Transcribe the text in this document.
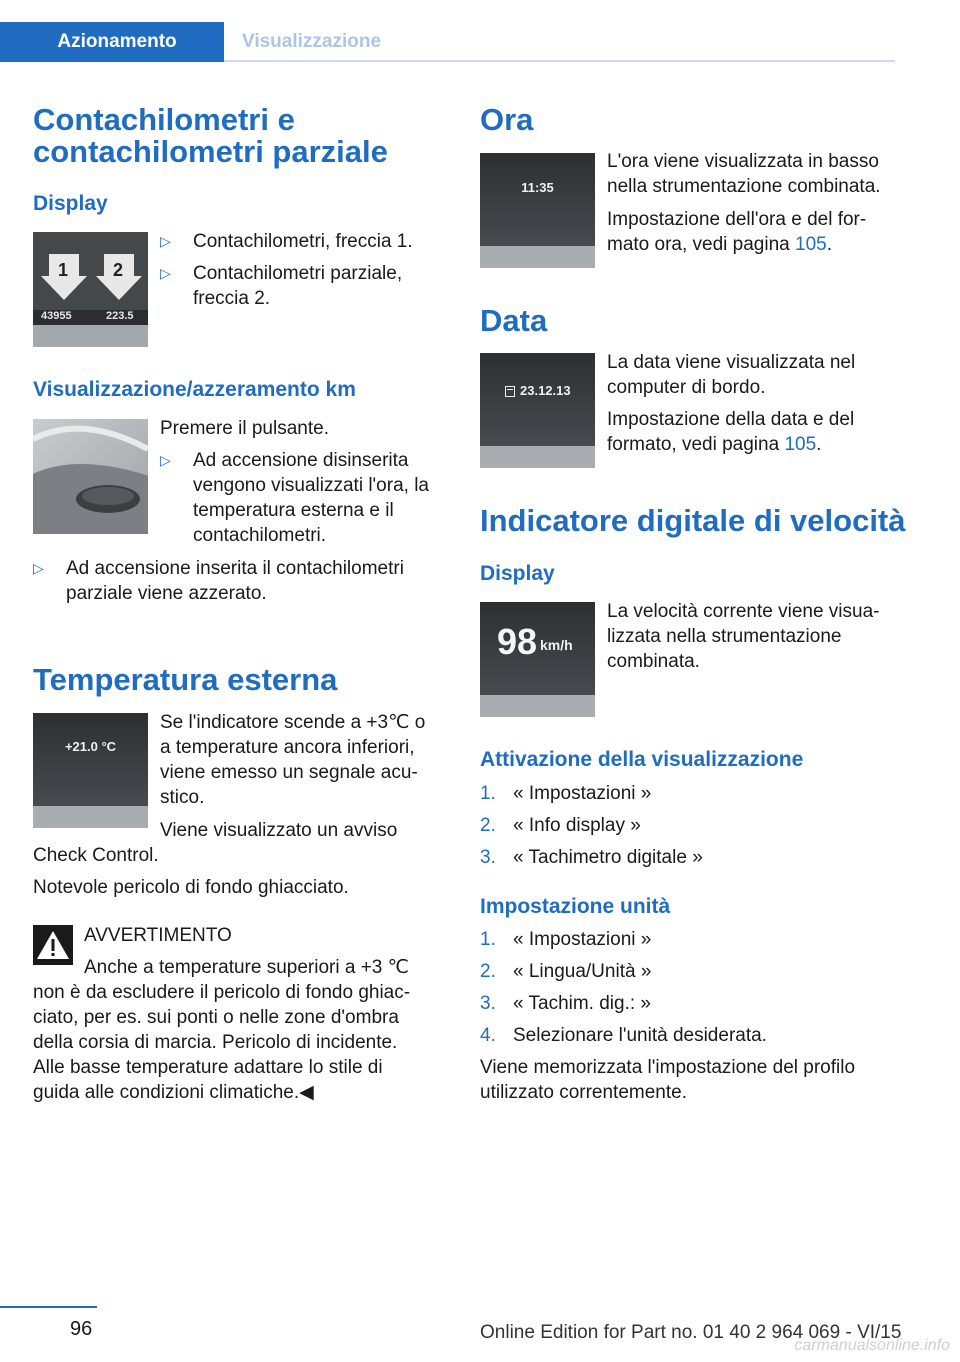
Azionamento	Visualizzazione
Contachilometri e
contachilometri parziale
Display
1 2
43955	223.5
▷	Contachilometri, freccia 1.
▷	Contachilometri parziale,
freccia 2.
Visualizzazione/azzeramento km
Premere il pulsante.
▷	Ad accensione disinserita
vengono visualizzati l'ora, la
temperatura esterna e il
contachilometri.
▷	Ad accensione inserita il contachilometri
parziale viene azzerato.
Temperatura esterna
+21.0 °C
Se l'indicatore scende a +3℃ o
a temperature ancora inferiori,
viene emesso un segnale acu‐
stico.
Viene visualizzato un avviso
Check Control.
Notevole pericolo di fondo ghiacciato.
AVVERTIMENTO
Anche a temperature superiori a +3 ℃
non è da escludere il pericolo di fondo ghiac‐
ciato, per es. sui ponti o nelle zone d'ombra
della corsia di marcia. Pericolo di incidente.
Alle basse temperature adattare lo stile di
guida alle condizioni climatiche.◀
Ora
11:35
L'ora viene visualizzata in basso
nella strumentazione combinata.
Impostazione dell'ora e del for‐
mato ora, vedi pagina 105.
Data
23.12.13
La data viene visualizzata nel
computer di bordo.
Impostazione della data e del
formato, vedi pagina 105.
Indicatore digitale di velocità
Display
98 km/h
La velocità corrente viene visua‐
lizzata nella strumentazione
combinata.
Attivazione della visualizzazione
1. « Impostazioni »
2. « Info display »
3. « Tachimetro digitale »
Impostazione unità
1. « Impostazioni »
2. « Lingua/Unità »
3. « Tachim. dig.: »
4. Selezionare l'unità desiderata.
Viene memorizzata l'impostazione del profilo
utilizzato correntemente.
96	Online Edition for Part no. 01 40 2 964 069 - VI/15
carmanualsonline.info
